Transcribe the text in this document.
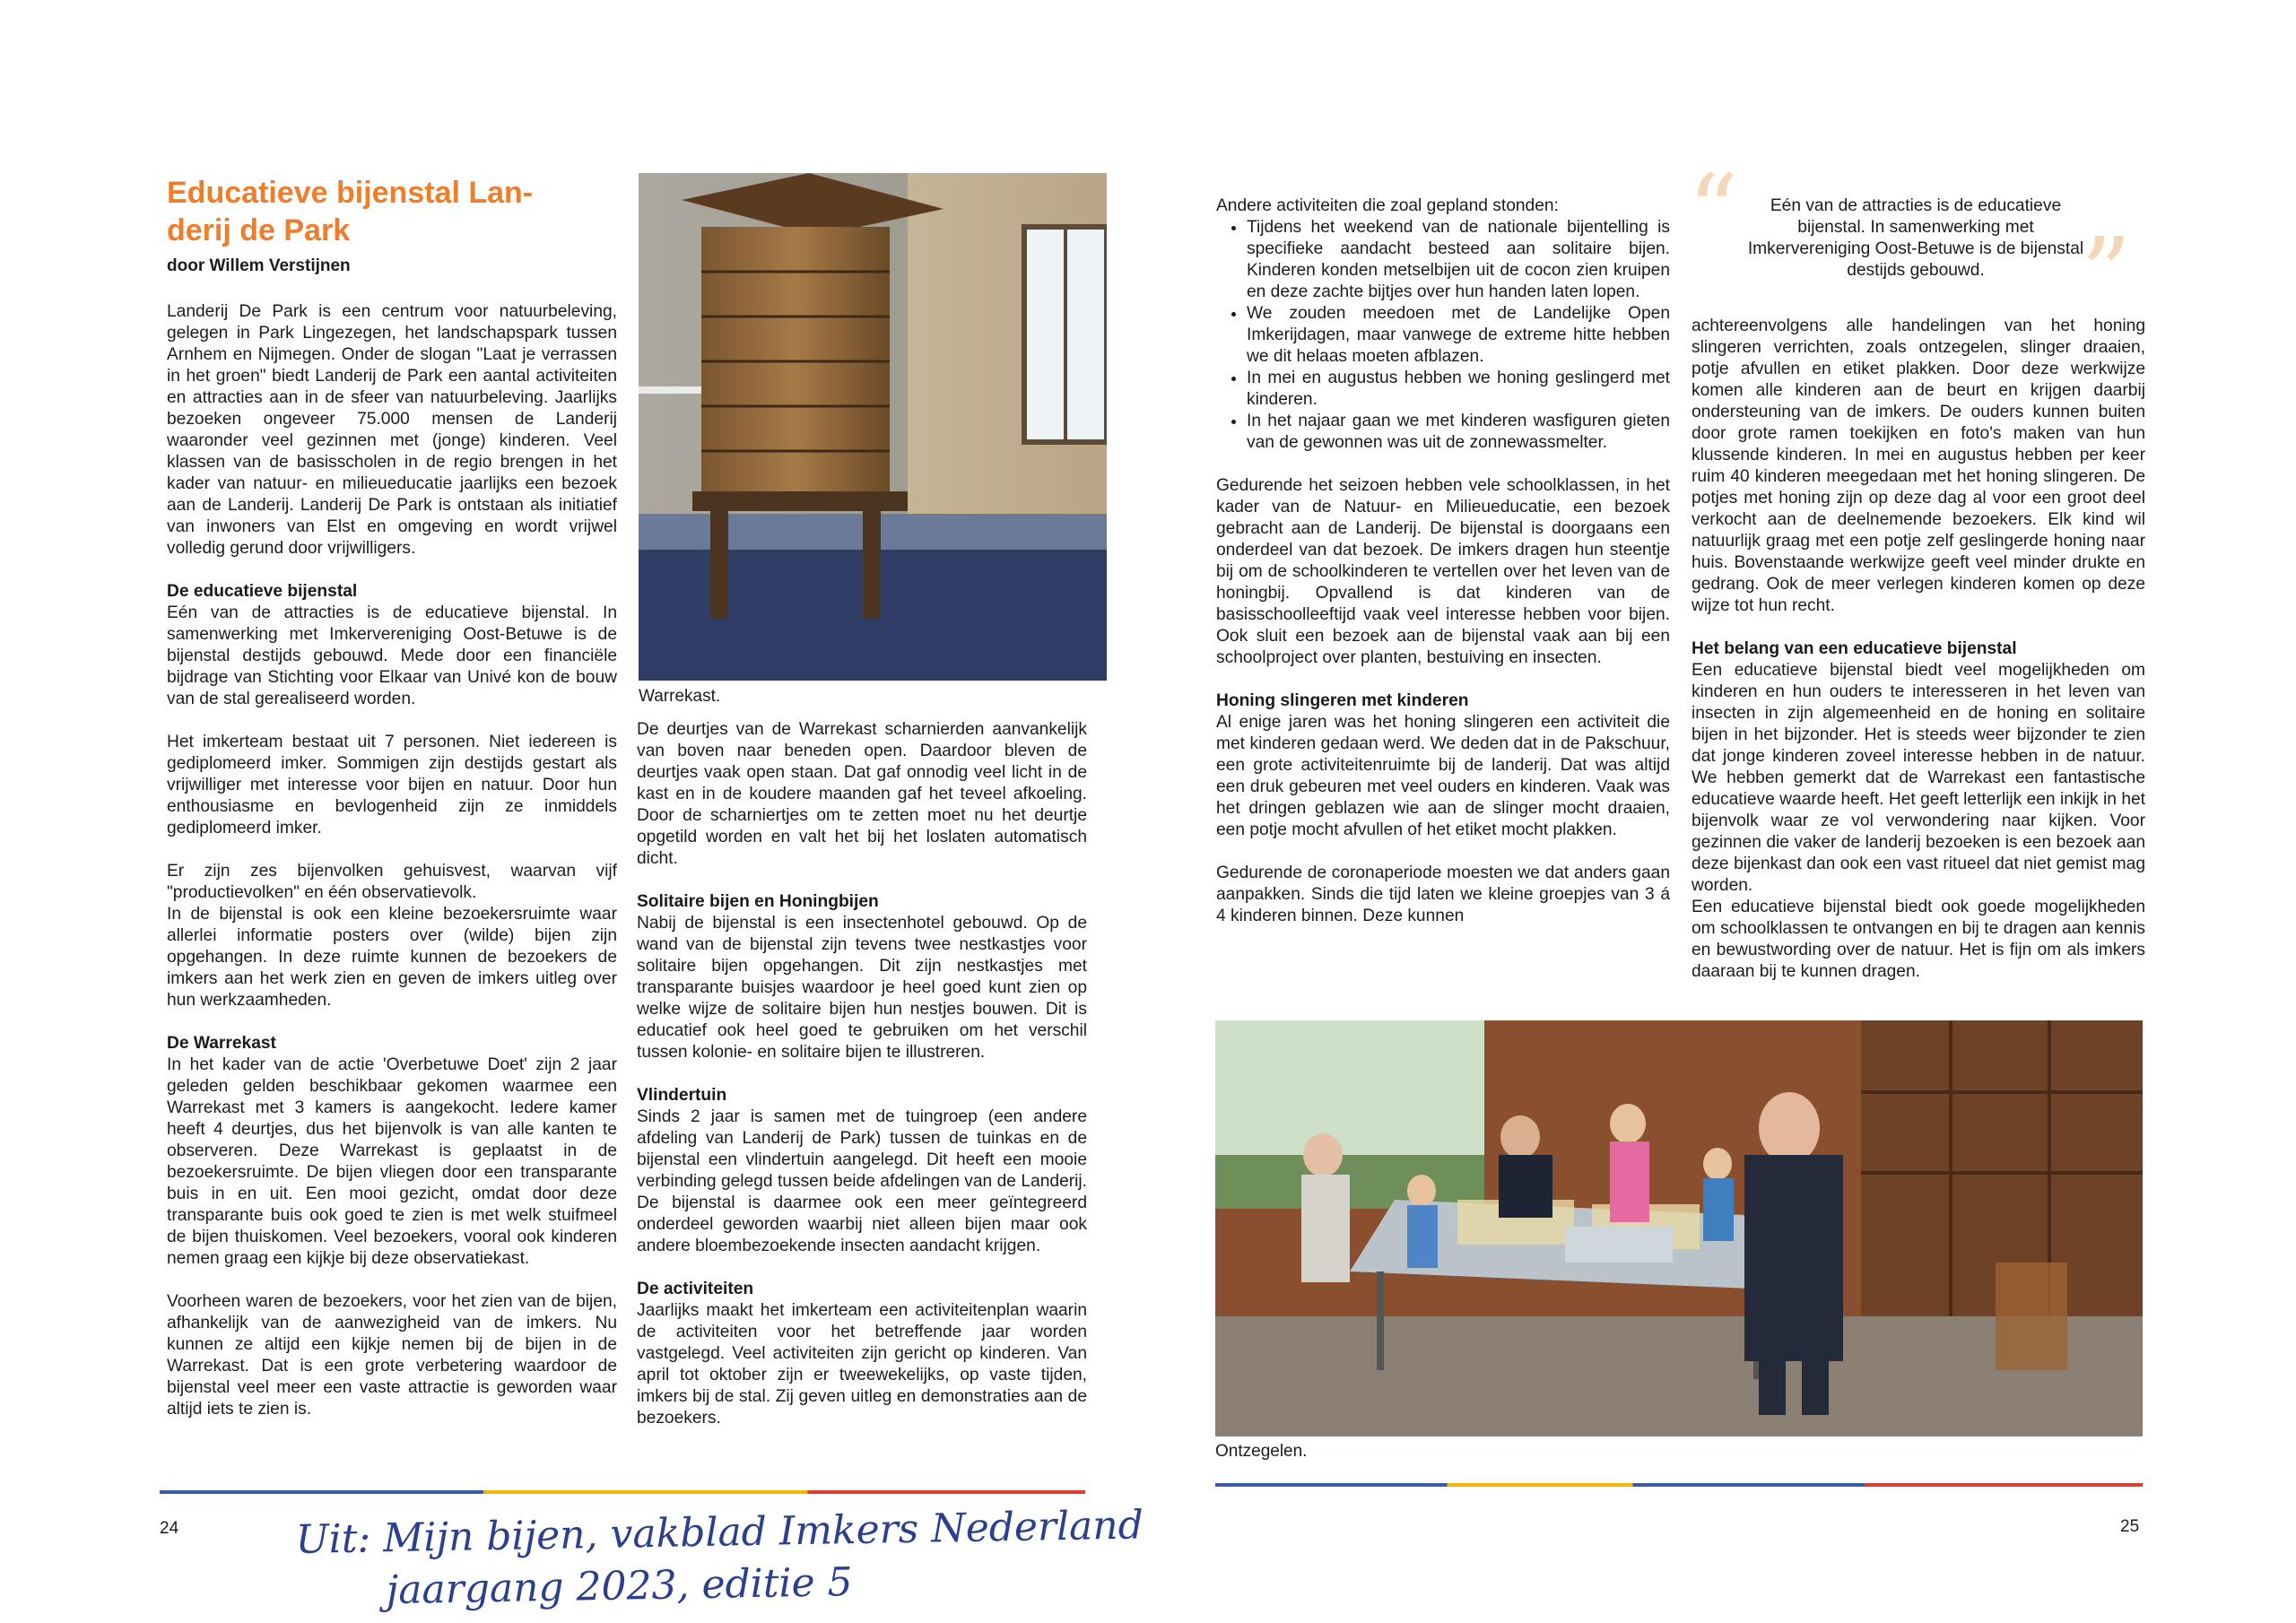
Educatieve bijenstal Lan-
derij de Park
door Willem Verstijnen

Landerij De Park is een centrum voor natuurbeleving, gelegen in Park Lingezegen, het landschapspark tussen Arnhem en Nijmegen. Onder de slogan "Laat je verrassen in het groen" biedt Landerij de Park een aantal activiteiten en attracties aan in de sfeer van natuurbeleving. Jaarlijks bezoeken ongeveer 75.000 mensen de Landerij waaronder veel gezinnen met (jonge) kinderen. Veel klassen van de basisscholen in de regio brengen in het kader van natuur- en milieueducatie jaarlijks een bezoek aan de Landerij. Landerij De Park is ontstaan als initiatief van inwoners van Elst en omgeving en wordt vrijwel volledig gerund door vrijwilligers.

De educatieve bijenstal

Eén van de attracties is de educatieve bijenstal. In samenwerking met Imkervereniging Oost-Betuwe is de bijenstal destijds gebouwd. Mede door een financiële bijdrage van Stichting voor Elkaar van Univé kon de bouw van de stal gerealiseerd worden.

Het imkerteam bestaat uit 7 personen. Niet iedereen is gediplomeerd imker. Sommigen zijn destijds gestart als vrijwilliger met interesse voor bijen en natuur. Door hun enthousiasme en bevlogenheid zijn ze inmiddels gediplomeerd imker.

Er zijn zes bijenvolken gehuisvest, waarvan vijf "productievolken" en één observatievolk.

In de bijenstal is ook een kleine bezoekersruimte waar allerlei informatie posters over (wilde) bijen zijn opgehangen. In deze ruimte kunnen de bezoekers de imkers aan het werk zien en geven de imkers uitleg over hun werkzaamheden.

De Warrekast

In het kader van de actie 'Overbetuwe Doet' zijn 2 jaar geleden gelden beschikbaar gekomen waarmee een Warrekast met 3 kamers is aangekocht. Iedere kamer heeft 4 deurtjes, dus het bijenvolk is van alle kanten te observeren. Deze Warrekast is geplaatst in de bezoekersruimte. De bijen vliegen door een transparante buis in en uit. Een mooi gezicht, omdat door deze transparante buis ook goed te zien is met welk stuifmeel de bijen thuiskomen. Veel bezoekers, vooral ook kinderen nemen graag een kijkje bij deze observatiekast.

Voorheen waren de bezoekers, voor het zien van de bijen, afhankelijk van de aanwezigheid van de imkers. Nu kunnen ze altijd een kijkje nemen bij de bijen in de Warrekast. Dat is een grote verbetering waardoor de bijenstal veel meer een vaste attractie is geworden waar altijd iets te zien is.

Warrekast.

De deurtjes van de Warrekast scharnierden aanvankelijk van boven naar beneden open. Daardoor bleven de deurtjes vaak open staan. Dat gaf onnodig veel licht in de kast en in de koudere maanden gaf het teveel afkoeling. Door de scharniertjes om te zetten moet nu het deurtje opgetild worden en valt het bij het loslaten automatisch dicht.

Solitaire bijen en Honingbijen

Nabij de bijenstal is een insectenhotel gebouwd. Op de wand van de bijenstal zijn tevens twee nestkastjes voor solitaire bijen opgehangen. Dit zijn nestkastjes met transparante buisjes waardoor je heel goed kunt zien op welke wijze de solitaire bijen hun nestjes bouwen. Dit is educatief ook heel goed te gebruiken om het verschil tussen kolonie- en solitaire bijen te illustreren.

Vlindertuin

Sinds 2 jaar is samen met de tuingroep (een andere afdeling van Landerij de Park) tussen de tuinkas en de bijenstal een vlindertuin aangelegd. Dit heeft een mooie verbinding gelegd tussen beide afdelingen van de Landerij. De bijenstal is daarmee ook een meer geïntegreerd onderdeel geworden waarbij niet alleen bijen maar ook andere bloembezoekende insecten aandacht krijgen.

De activiteiten

Jaarlijks maakt het imkerteam een activiteitenplan waarin de activiteiten voor het betreffende jaar worden vastgelegd. Veel activiteiten zijn gericht op kinderen. Van april tot oktober zijn er tweewekelijks, op vaste tijden, imkers bij de stal. Zij geven uitleg en demonstraties aan de bezoekers.

24

Andere activiteiten die zoal gepland stonden:

• Tijdens het weekend van de nationale bijentelling is specifieke aandacht besteed aan solitaire bijen. Kinderen konden metselbijen uit de cocon zien kruipen en deze zachte bijtjes over hun handen laten lopen.
• We zouden meedoen met de Landelijke Open Imkerijdagen, maar vanwege de extreme hitte hebben we dit helaas moeten afblazen.
• In mei en augustus hebben we honing geslingerd met kinderen.
• In het najaar gaan we met kinderen wasfiguren gieten van de gewonnen was uit de zonnewassmelter.

Gedurende het seizoen hebben vele schoolklassen, in het kader van de Natuur- en Milieueducatie, een bezoek gebracht aan de Landerij. De bijenstal is doorgaans een onderdeel van dat bezoek. De imkers dragen hun steentje bij om de schoolkinderen te vertellen over het leven van de honingbij. Opvallend is dat kinderen van de basisschoolleeftijd vaak veel interesse hebben voor bijen. Ook sluit een bezoek aan de bijenstal vaak aan bij een schoolproject over planten, bestuiving en insecten.

Honing slingeren met kinderen

Al enige jaren was het honing slingeren een activiteit die met kinderen gedaan werd. We deden dat in de Pakschuur, een grote activiteitenruimte bij de landerij. Dat was altijd een druk gebeuren met veel ouders en kinderen. Vaak was het dringen geblazen wie aan de slinger mocht draaien, een potje mocht afvullen of het etiket mocht plakken.

Gedurende de coronaperiode moesten we dat anders gaan aanpakken. Sinds die tijd laten we kleine groepjes van 3 á 4 kinderen binnen. Deze kunnen

“
”
Eén van de attracties is de educatieve bijenstal. In samenwerking met Imkervereniging Oost-Betuwe is de bijenstal destijds gebouwd.

achtereenvolgens alle handelingen van het honing slingeren verrichten, zoals ontzegelen, slinger draaien, potje afvullen en etiket plakken. Door deze werkwijze komen alle kinderen aan de beurt en krijgen daarbij ondersteuning van de imkers. De ouders kunnen buiten door grote ramen toekijken en foto's maken van hun klussende kinderen. In mei en augustus hebben per keer ruim 40 kinderen meegedaan met het honing slingeren. De potjes met honing zijn op deze dag al voor een groot deel verkocht aan de deelnemende bezoekers. Elk kind wil natuurlijk graag met een potje zelf geslingerde honing naar huis. Bovenstaande werkwijze geeft veel minder drukte en gedrang. Ook de meer verlegen kinderen komen op deze wijze tot hun recht.

Het belang van een educatieve bijenstal

Een educatieve bijenstal biedt veel mogelijkheden om kinderen en hun ouders te interesseren in het leven van insecten in zijn algemeenheid en de honing en solitaire bijen in het bijzonder. Het is steeds weer bijzonder te zien dat jonge kinderen zoveel interesse hebben in de natuur. We hebben gemerkt dat de Warrekast een fantastische educatieve waarde heeft. Het geeft letterlijk een inkijk in het bijenvolk waar ze vol verwondering naar kijken. Voor gezinnen die vaker de landerij bezoeken is een bezoek aan deze bijenkast dan ook een vast ritueel dat niet gemist mag worden.

Een educatieve bijenstal biedt ook goede mogelijkheden om schoolklassen te ontvangen en bij te dragen aan kennis en bewustwording over de natuur. Het is fijn om als imkers daaraan bij te kunnen dragen.

Ontzegelen.
25
Uit: Mijn bijen, vakblad Imkers Nederland
jaargang 2023, editie 5
